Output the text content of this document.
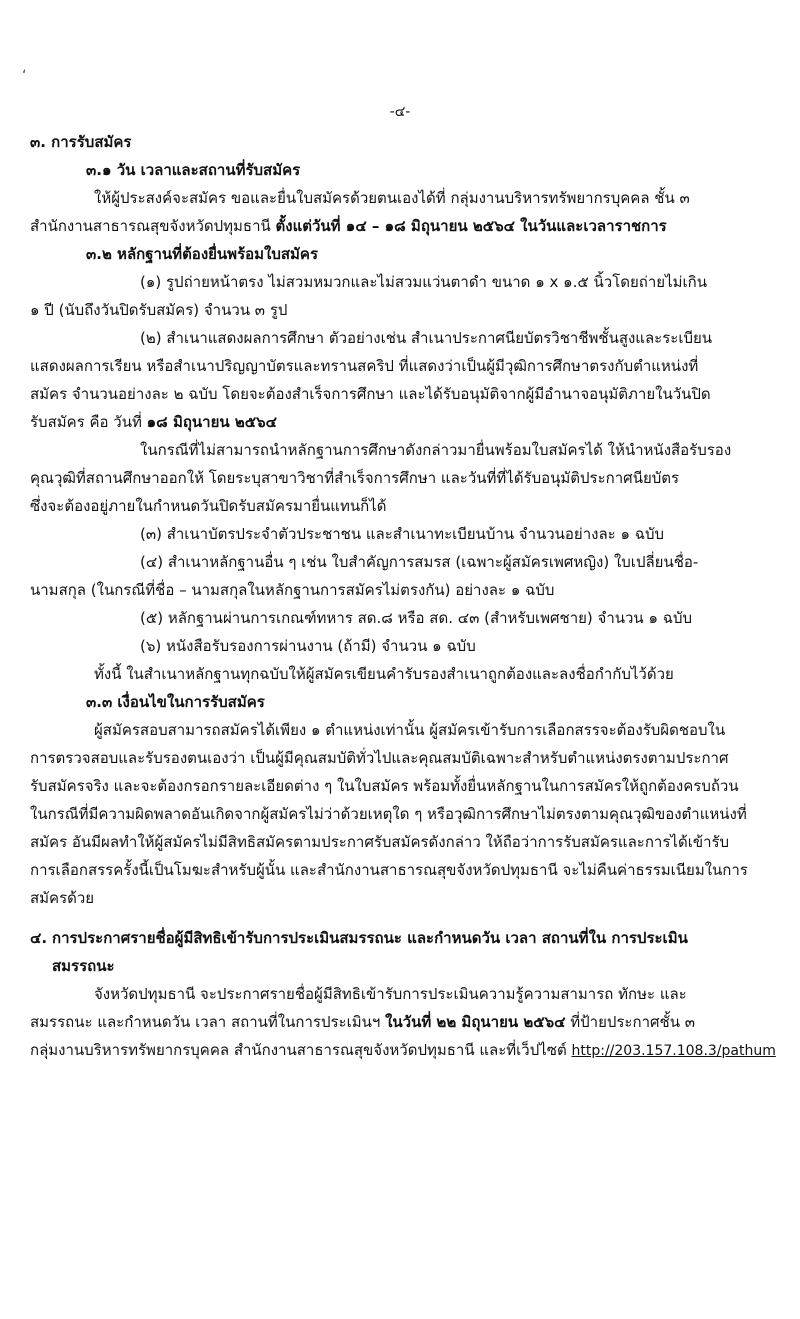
‘
-๔-
๓. การรับสมัคร
๓.๑ วัน เวลาและสถานที่รับสมัคร
ให้ผู้ประสงค์จะสมัคร ขอและยื่นใบสมัครด้วยตนเองได้ที่ กลุ่มงานบริหารทรัพยากรบุคคล ชั้น ๓
สำนักงานสาธารณสุขจังหวัดปทุมธานี ตั้งแต่วันที่ ๑๔ – ๑๘ มิถุนายน ๒๕๖๔ ในวันและเวลาราชการ
๓.๒ หลักฐานที่ต้องยื่นพร้อมใบสมัคร
(๑) รูปถ่ายหน้าตรง ไม่สวมหมวกและไม่สวมแว่นตาดำ ขนาด ๑ x ๑.๕ นิ้วโดยถ่ายไม่เกิน
๑ ปี (นับถึงวันปิดรับสมัคร) จำนวน ๓ รูป
(๒) สำเนาแสดงผลการศึกษา ตัวอย่างเช่น สำเนาประกาศนียบัตรวิชาชีพชั้นสูงและระเบียน
แสดงผลการเรียน หรือสำเนาปริญญาบัตรและทรานสคริป ที่แสดงว่าเป็นผู้มีวุฒิการศึกษาตรงกับตำแหน่งที่
สมัคร จำนวนอย่างละ ๒ ฉบับ โดยจะต้องสำเร็จการศึกษา และได้รับอนุมัติจากผู้มีอำนาจอนุมัติภายในวันปิด
รับสมัคร คือ วันที่ ๑๘ มิถุนายน ๒๕๖๔
ในกรณีที่ไม่สามารถนำหลักฐานการศึกษาดังกล่าวมายื่นพร้อมใบสมัครได้ ให้นำหนังสือรับรอง
คุณวุฒิที่สถานศึกษาออกให้ โดยระบุสาขาวิชาที่สำเร็จการศึกษา และวันที่ที่ได้รับอนุมัติประกาศนียบัตร
ซึ่งจะต้องอยู่ภายในกำหนดวันปิดรับสมัครมายื่นแทนก็ได้
(๓) สำเนาบัตรประจำตัวประชาชน และสำเนาทะเบียนบ้าน จำนวนอย่างละ ๑ ฉบับ
(๔) สำเนาหลักฐานอื่น ๆ เช่น ใบสำคัญการสมรส (เฉพาะผู้สมัครเพศหญิง) ใบเปลี่ยนชื่อ-
นามสกุล (ในกรณีที่ชื่อ – นามสกุลในหลักฐานการสมัครไม่ตรงกัน) อย่างละ ๑ ฉบับ
(๕) หลักฐานผ่านการเกณฑ์ทหาร สด.๘ หรือ สด. ๔๓ (สำหรับเพศชาย) จำนวน ๑ ฉบับ
(๖) หนังสือรับรองการผ่านงาน (ถ้ามี) จำนวน ๑ ฉบับ
ทั้งนี้ ในสำเนาหลักฐานทุกฉบับให้ผู้สมัครเขียนคำรับรองสำเนาถูกต้องและลงชื่อกำกับไว้ด้วย
๓.๓ เงื่อนไขในการรับสมัคร
ผู้สมัครสอบสามารถสมัครได้เพียง ๑ ตำแหน่งเท่านั้น ผู้สมัครเข้ารับการเลือกสรรจะต้องรับผิดชอบใน
การตรวจสอบและรับรองตนเองว่า เป็นผู้มีคุณสมบัติทั่วไปและคุณสมบัติเฉพาะสำหรับตำแหน่งตรงตามประกาศ
รับสมัครจริง และจะต้องกรอกรายละเอียดต่าง ๆ ในใบสมัคร พร้อมทั้งยื่นหลักฐานในการสมัครให้ถูกต้องครบถ้วน
ในกรณีที่มีความผิดพลาดอันเกิดจากผู้สมัครไม่ว่าด้วยเหตุใด ๆ หรือวุฒิการศึกษาไม่ตรงตามคุณวุฒิของตำแหน่งที่
สมัคร อันมีผลทำให้ผู้สมัครไม่มีสิทธิสมัครตามประกาศรับสมัครดังกล่าว ให้ถือว่าการรับสมัครและการได้เข้ารับ
การเลือกสรรครั้งนี้เป็นโมฆะสำหรับผู้นั้น และสำนักงานสาธารณสุขจังหวัดปทุมธานี จะไม่คืนค่าธรรมเนียมในการ
สมัครด้วย
๔. การประกาศรายชื่อผู้มีสิทธิเข้ารับการประเมินสมรรถนะ และกำหนดวัน เวลา สถานที่ใน การประเมิน
สมรรถนะ
จังหวัดปทุมธานี จะประกาศรายชื่อผู้มีสิทธิเข้ารับการประเมินความรู้ความสามารถ ทักษะ และ
สมรรถนะ และกำหนดวัน เวลา สถานที่ในการประเมินฯ ในวันที่ ๒๒ มิถุนายน ๒๕๖๔ ที่ป้ายประกาศชั้น ๓
กลุ่มงานบริหารทรัพยากรบุคคล สำนักงานสาธารณสุขจังหวัดปทุมธานี และที่เว็ปไซต์ http://203.157.108.3/pathum
